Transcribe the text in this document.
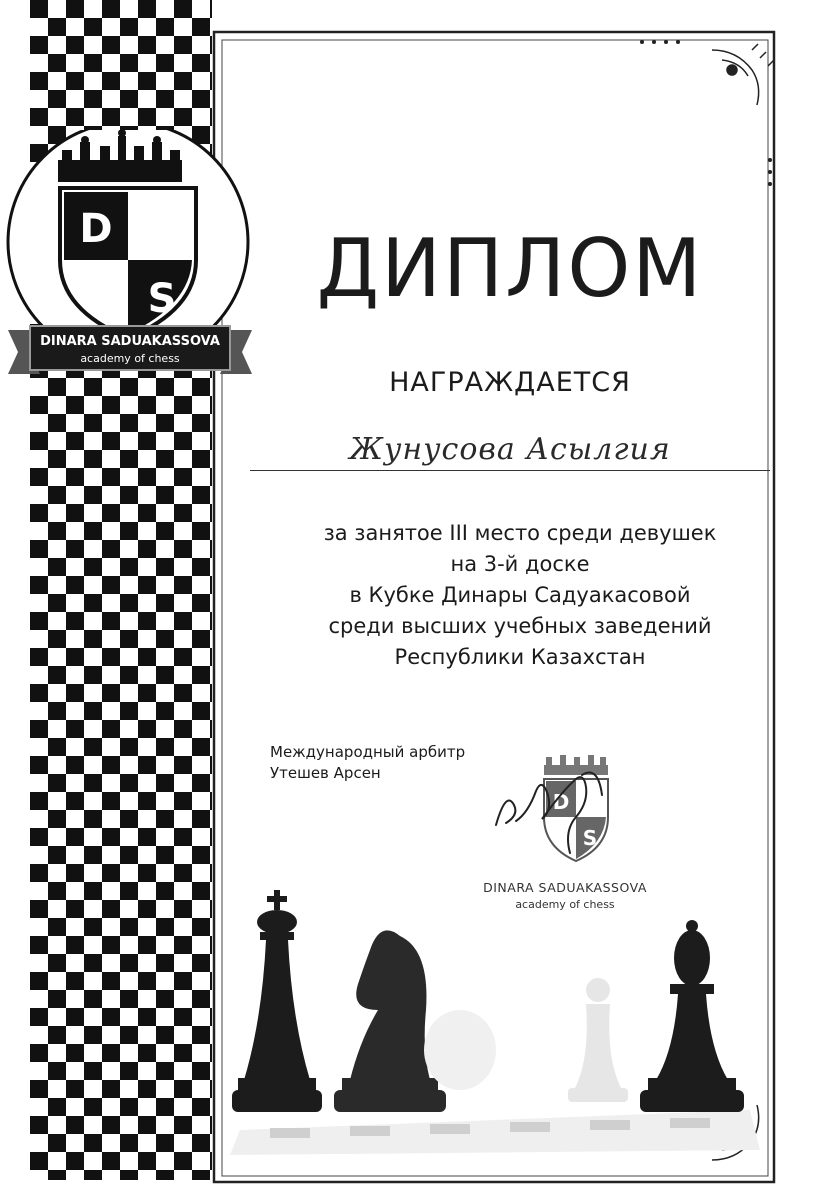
D
S
DINARA SADUAKASSOVA
academy of chess
ДИПЛОМ
НАГРАЖДАЕТСЯ
Жунусова Асылгия
за занятое III место среди девушек
на 3-й доске
в Кубке Динары Садуакасовой
среди высших учебных заведений
Республики Казахстан
Международный арбитр
Утешев Арсен
D
S
DINARA SADUAKASSOVA
academy of chess
